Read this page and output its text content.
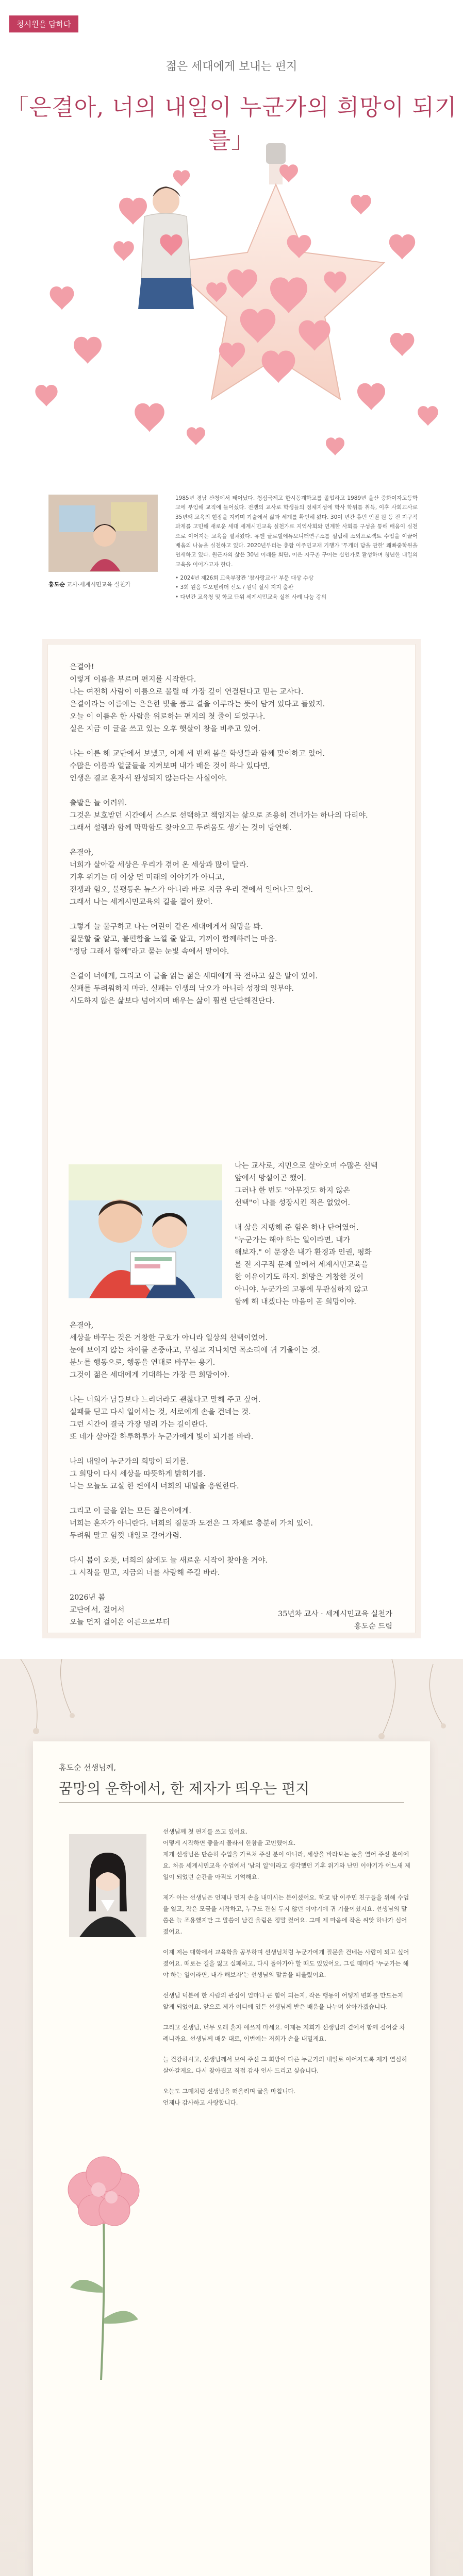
청시원을 담하다
젊은 세대에게 보내는 편지
「은결아, 너의 내일이 누군가의 희망이 되기를」
홍도순 교사·세계시민교육 실천가

1985년 경남 산청에서 태어났다. 청심국제고 한시동계학교를 졸업하고 1989년 울산 중화여자고등학교에 부임해 교직에 들어섰다. 전쟁의 교사로 학생들의 정체지성에 학사 학위를 취득, 이후 사회교사로 35년째 교육의 현장을 지키며 기술에서 삶과 세계를 확인해 왔다. 30여 년간 휴먼 인권 원 등 전 지구적 과제를 고민해 새로운 세대 세계시민교육 실천가로 지역사회와 연계한 사회를 구성을 통해 배움이 실천으로 이어지는 교육을 펼쳐왔다. 유엔 글로벌에듀모니터연구소를 설립해 소외프로젝트 수업을 이끌어 배움의 나눔을 실천하고 있다. 2020년부터는 총합 이주민교재 기행가 '투게더 담을 관한' 쾌빠중학원을 연세하고 있다. 원근자의 삶은 30년 이래를 회단, 이은 지구촌 구어는 십인가로 활성하며 청년한 내일의 교육을 이어가고자 한다.

• 2024년 제26회 교육부장관 '참사랑교사' 부문 대상 수상
• 3회 원음 디오텐리더 선도 / 원덕 실시 지지 출판
• 다년간 교육청 및 학교 단위 세계시민교육 실천 사례 나눔 강의

은결아!
이렇게 이름을 부르며 편지를 시작한다.
나는 여전히 사람이 이름으로 불릴 때 가장 깊이 연결된다고 믿는 교사다.
은결이라는 이름에는 은은한 빛을 품고 결을 이루라는 뜻이 담겨 있다고 들었지.
오늘 이 이름은 한 사람을 위로하는 편지의 첫 줄이 되었구나.
실은 지금 이 글을 쓰고 있는 오후 햇살이 창을 비추고 있어.

나는 이른 해 교단에서 보냈고, 이제 세 번째 봄을 학생들과 함께 맞이하고 있어.
수많은 이름과 얼굴들을 지켜보며 내가 배운 것이 하나 있다면,
인생은 결코 혼자서 완성되지 않는다는 사실이야.

출발은 늘 어려워.
그것은 보호받던 시간에서 스스로 선택하고 책임지는 삶으로 조용히 건너가는 하나의 다리야.
그래서 설렘과 함께 막막함도 찾아오고 두려움도 생기는 것이 당연해.

은결아,
너희가 살아갈 세상은 우리가 겪어 온 세상과 많이 달라.
기후 위기는 더 이상 먼 미래의 이야기가 아니고,
전쟁과 혐오, 불평등은 뉴스가 아니라 바로 지금 우리 곁에서 일어나고 있어.
그래서 나는 세계시민교육의 길을 걸어 왔어.

그렇게 늘 물구하고 나는 어린이 같은 세대에게서 희망을 봐.
질문할 줄 알고, 불편함을 느낄 줄 알고, 기꺼이 함께하려는 마음.
"정당 그래서 함께"라고 묻는 눈빛 속에서 말이야.

은결이 너에게, 그리고 이 글을 읽는 젊은 세대에게 꼭 전하고 싶은 말이 있어.
실패를 두려워하지 마라. 실패는 인생의 낙오가 아니라 성장의 일부야.
시도하지 않은 삶보다 넘어지며 배우는 삶이 훨씬 단단해진단다.

나는 교사로, 지민으로 살아오며 수많은 선택
앞에서 망설이곤 했어.
그러나 한 번도 "아무것도 하지 않은
선택"이 나를 성장시킨 적은 없었어.

내 삶을 지탱해 준 힘은 하나 단어였어.
"누군가는 해야 하는 일이라면, 내가
해보자." 이 문장은 내가 환경과 인권, 평화
를 전 지구적 문제 앞에서 세계시민교육을
한 이유이기도 하지. 희망은 거창한 것이
아니야. 누군가의 고통에 무관심하지 않고
함께 해 내겠다는 마음이 곧 희망이야.

은결아,
세상을 바꾸는 것은 거창한 구호가 아니라 일상의 선택이었어.
눈에 보이지 않는 차이를 존중하고, 무심코 지나치던 목소리에 귀 기울이는 것.
분노를 행동으로, 행동을 연대로 바꾸는 용기.
그것이 젊은 세대에게 기대하는 가장 큰 희망이야.

나는 너희가 남들보다 느리더라도 괜찮다고 말해 주고 싶어.
실패를 딛고 다시 일어서는 것, 서로에게 손을 건네는 것.
그런 시간이 결국 가장 멀리 가는 길이란다.
또 네가 살아갈 하루하루가 누군가에게 빛이 되기를 바라.

나의 내일이 누군가의 희망이 되기를.
그 희망이 다시 세상을 따뜻하게 밝히기를.
나는 오늘도 교실 한 켠에서 너희의 내일을 응원한다.

그리고 이 글을 읽는 모든 젊은이에게.
너희는 혼자가 아니란다. 너희의 질문과 도전은 그 자체로 충분히 가치 있어.
두려워 말고 힘껏 내일로 걸어가렴.

다시 봄이 오듯, 너희의 삶에도 늘 새로운 시작이 찾아올 거야.
그 시작을 믿고, 지금의 너를 사랑해 주길 바라.

2026년 봄
교단에서, 걸어서
오늘 먼저 걸어온 어른으로부터

35년차 교사 · 세계시민교육 실천가
홍도순 드림
홍도순 선생님께,
꿈망의 운학에서, 한 제자가 띄우는 편지

선생님께 첫 편지를 쓰고 있어요.
어떻게 시작하면 좋을지 몰라서 한참을 고민했어요.
제게 선생님은 단순히 수업을 가르쳐 주신 분이 아니라, 세상을 바라보는 눈을 열어 주신 분이에요. 처음 세계시민교육 수업에서 '남의 일'이라고 생각했던 기후 위기와 난민 이야기가 어느새 제 일이 되었던 순간을 아직도 기억해요.

제가 아는 선생님은 언제나 먼저 손을 내미시는 분이셨어요. 학교 밖 이주민 친구들을 위해 수업을 열고, 작은 모금을 시작하고, 누구도 관심 두지 않던 이야기에 귀 기울이셨지요. 선생님의 말씀은 늘 조용했지만 그 말씀이 남긴 울림은 정말 컸어요. 그때 제 마음에 작은 씨앗 하나가 심어졌어요.

이제 저는 대학에서 교육학을 공부하며 선생님처럼 누군가에게 질문을 건네는 사람이 되고 싶어졌어요. 때로는 길을 잃고 실패하고, 다시 돌아가야 할 때도 있었어요. 그럴 때마다 '누군가는 해야 하는 일이라면, 내가 해보자'는 선생님의 말씀을 떠올렸어요.

선생님 덕분에 한 사람의 관심이 얼마나 큰 힘이 되는지, 작은 행동이 어떻게 변화를 만드는지 알게 되었어요. 앞으로 제가 어디에 있든 선생님께 받은 배움을 나누며 살아가겠습니다.

그리고 선생님, 너무 오래 혼자 애쓰지 마세요. 이제는 저희가 선생님의 곁에서 함께 걸어갈 차례니까요. 선생님께 배운 대로, 이번에는 저희가 손을 내밀게요.

늘 건강하시고, 선생님께서 보여 주신 그 희망이 다른 누군가의 내일로 이어지도록 제가 열심히 살아갈게요. 다시 찾아뵙고 직접 감사 인사 드리고 싶습니다.

오늘도 그때처럼 선생님을 떠올리며 글을 마칩니다.
언제나 감사하고 사랑합니다.
